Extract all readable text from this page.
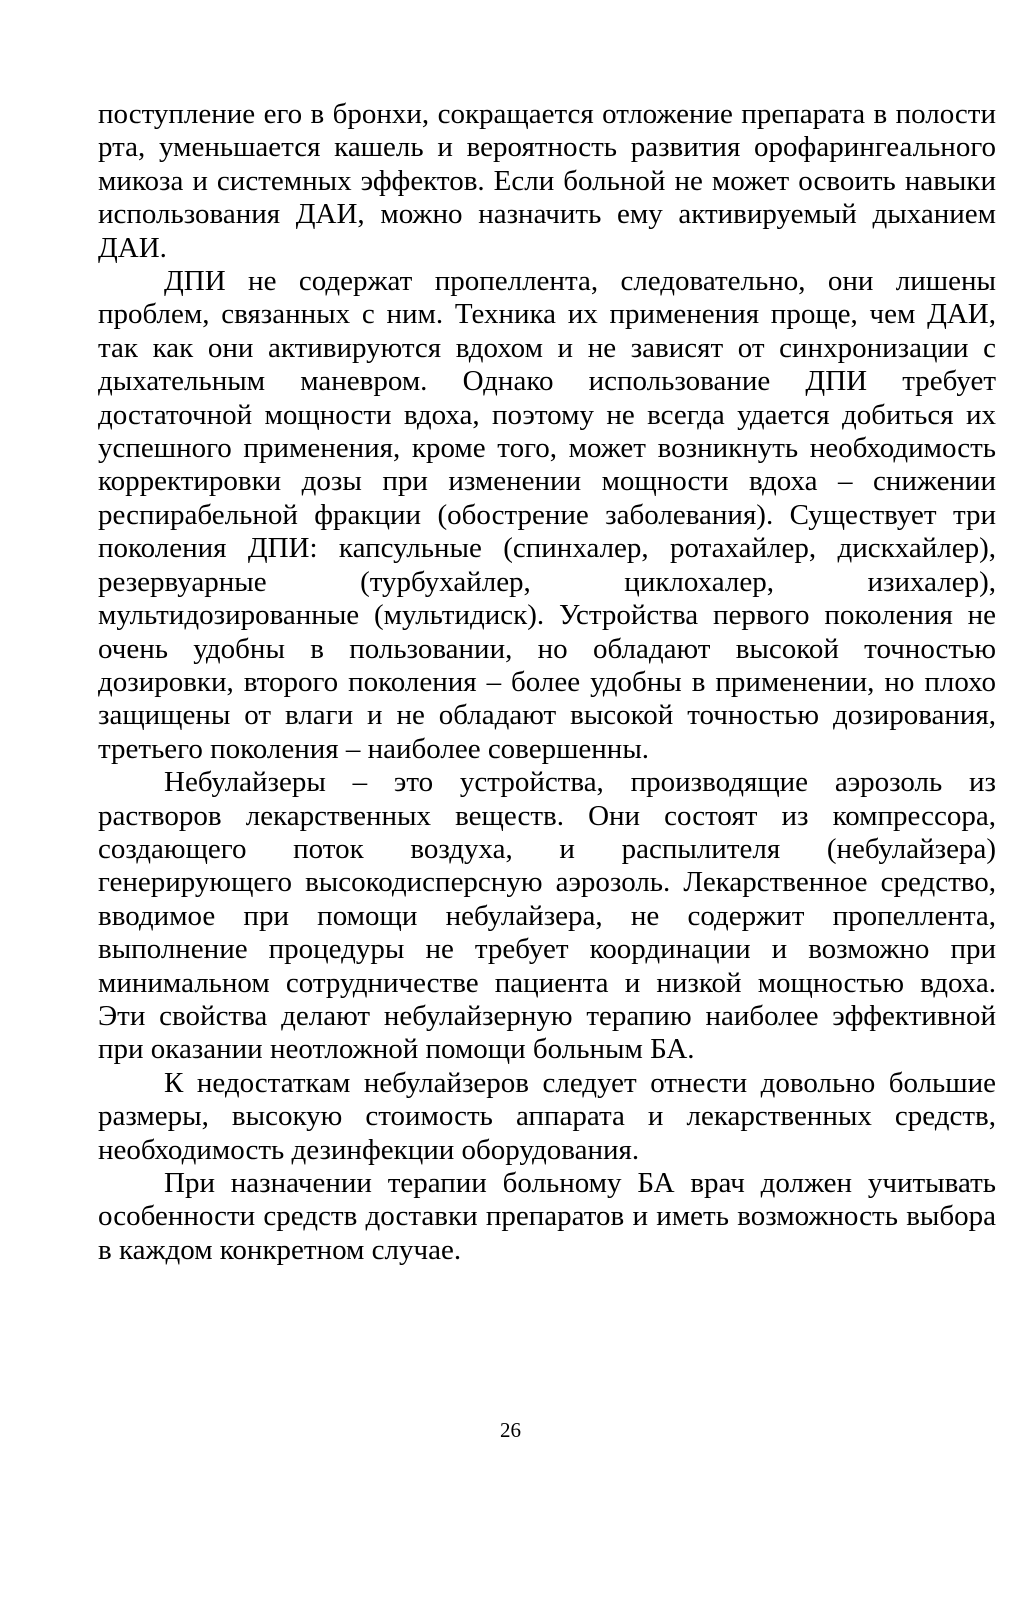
поступление его в бронхи, сокращается отложение препарата в полости рта, уменьшается кашель и вероятность развития орофарингеального микоза и системных эффектов. Если больной не может освоить навыки использования ДАИ, можно назначить ему активируемый дыханием ДАИ.

ДПИ не содержат пропеллента, следовательно, они лишены проблем, связанных с ним. Техника их применения проще, чем ДАИ, так как они активируются вдохом и не зависят от синхронизации с дыхательным маневром. Однако использование ДПИ требует достаточной мощности вдоха, поэтому не всегда удается добиться их успешного применения, кроме того, может возникнуть необходимость корректировки дозы при изменении мощности вдоха – снижении респирабельной фракции (обострение заболевания). Существует три поколения ДПИ: капсульные (спинхалер, ротахайлер, дискхайлер), резервуарные (турбухайлер, циклохалер, изихалер), мультидозированные (мультидиск). Устройства первого поколения не очень удобны в пользовании, но обладают высокой точностью дозировки, второго поколения – более удобны в применении, но плохо защищены от влаги и не обладают высокой точностью дозирования, третьего поколения – наиболее совершенны.

Небулайзеры – это устройства, производящие аэрозоль из растворов лекарственных веществ. Они состоят из компрессора, создающего поток воздуха, и распылителя (небулайзера) генерирующего высокодисперсную аэрозоль. Лекарственное средство, вводимое при помощи небулайзера, не содержит пропеллента, выполнение процедуры не требует координации и возможно при минимальном сотрудничестве пациента и низкой мощностью вдоха. Эти свойства делают небулайзерную терапию наиболее эффективной при оказании неотложной помощи больным БА.

К недостаткам небулайзеров следует отнести довольно большие размеры, высокую стоимость аппарата и лекарственных средств, необходимость дезинфекции оборудования.

При назначении терапии больному БА врач должен учитывать особенности средств доставки препаратов и иметь возможность выбора в каждом конкретном случае.

26
